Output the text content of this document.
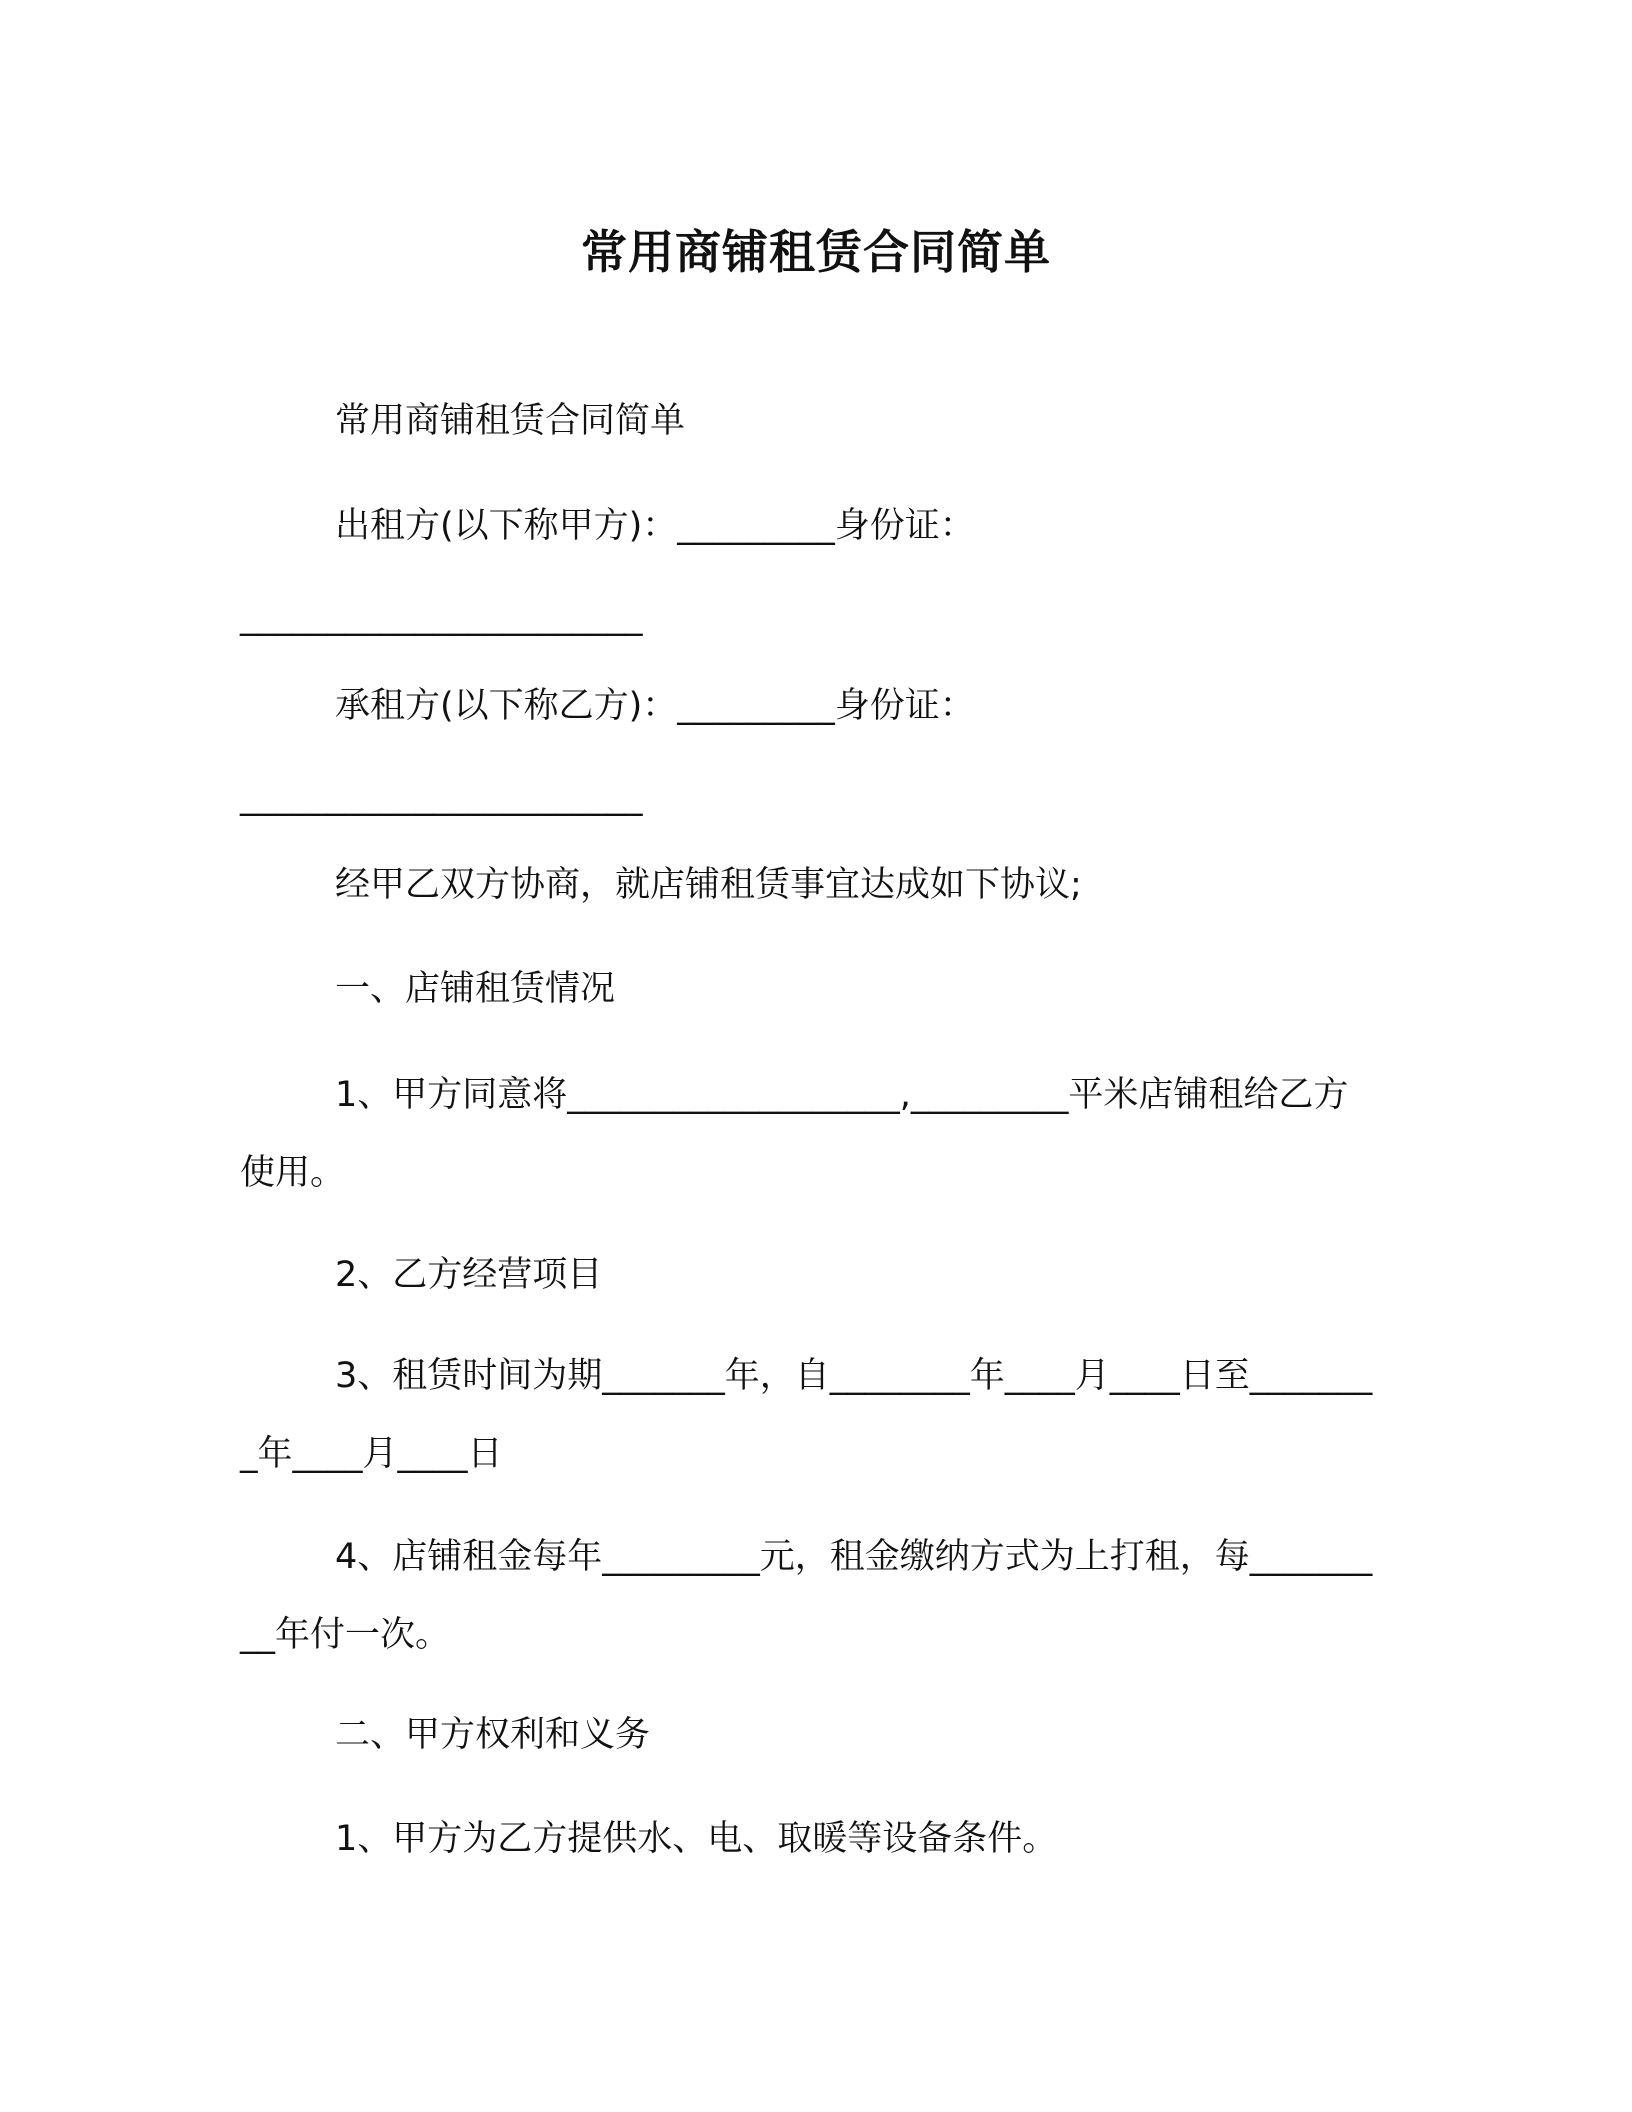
常用商铺租赁合同简单
常用商铺租赁合同简单
出租方(以下称甲方)：_________身份证：
_______________________
承租方(以下称乙方)：_________身份证：
_______________________
经甲乙双方协商，就店铺租赁事宜达成如下协议;
一、店铺租赁情况
1、甲方同意将___________________,_________平米店铺租给乙方使用。
2、乙方经营项目
3、租赁时间为期_______年，自________年____月____日至________年____月____日
4、店铺租金每年_________元，租金缴纳方式为上打租，每_________年付一次。
二、甲方权利和义务
1、甲方为乙方提供水、电、取暖等设备条件。
